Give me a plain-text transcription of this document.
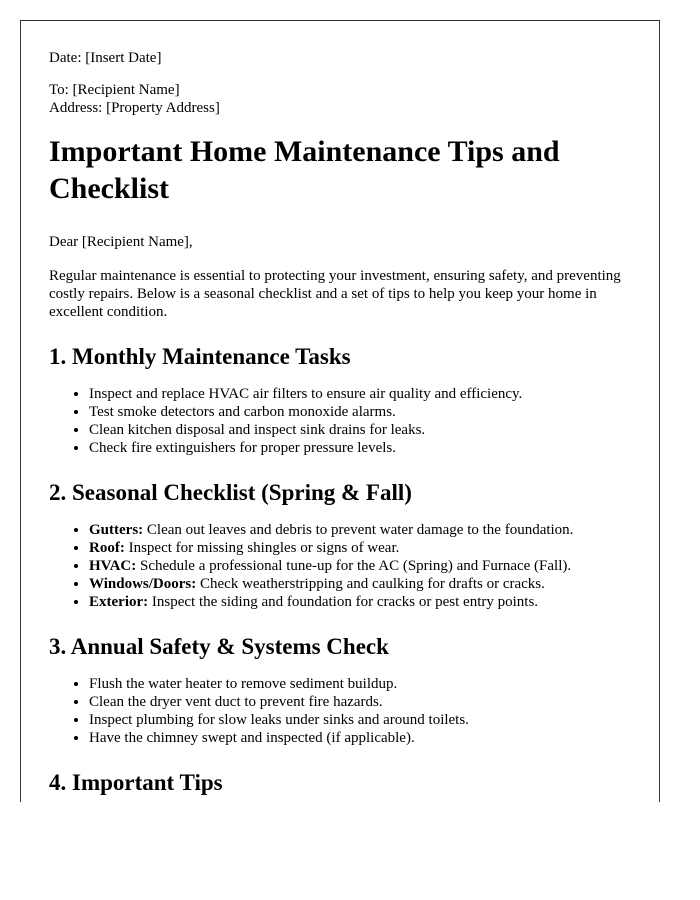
Date: [Insert Date]

To: [Recipient Name]

Address: [Property Address]

Important Home Maintenance Tips and Checklist

Dear [Recipient Name],

Regular maintenance is essential to protecting your investment, ensuring safety, and preventing costly repairs. Below is a seasonal checklist and a set of tips to help you keep your home in excellent condition.

1. Monthly Maintenance Tasks
• Inspect and replace HVAC air filters to ensure air quality and efficiency.
• Test smoke detectors and carbon monoxide alarms.
• Clean kitchen disposal and inspect sink drains for leaks.
• Check fire extinguishers for proper pressure levels.
2. Seasonal Checklist (Spring & Fall)
• Gutters: Clean out leaves and debris to prevent water damage to the foundation.
• Roof: Inspect for missing shingles or signs of wear.
• HVAC: Schedule a professional tune-up for the AC (Spring) and Furnace (Fall).
• Windows/Doors: Check weatherstripping and caulking for drafts or cracks.
• Exterior: Inspect the siding and foundation for cracks or pest entry points.
3. Annual Safety & Systems Check
• Flush the water heater to remove sediment buildup.
• Clean the dryer vent duct to prevent fire hazards.
• Inspect plumbing for slow leaks under sinks and around toilets.
• Have the chimney swept and inspected (if applicable).
4. Important Tips
